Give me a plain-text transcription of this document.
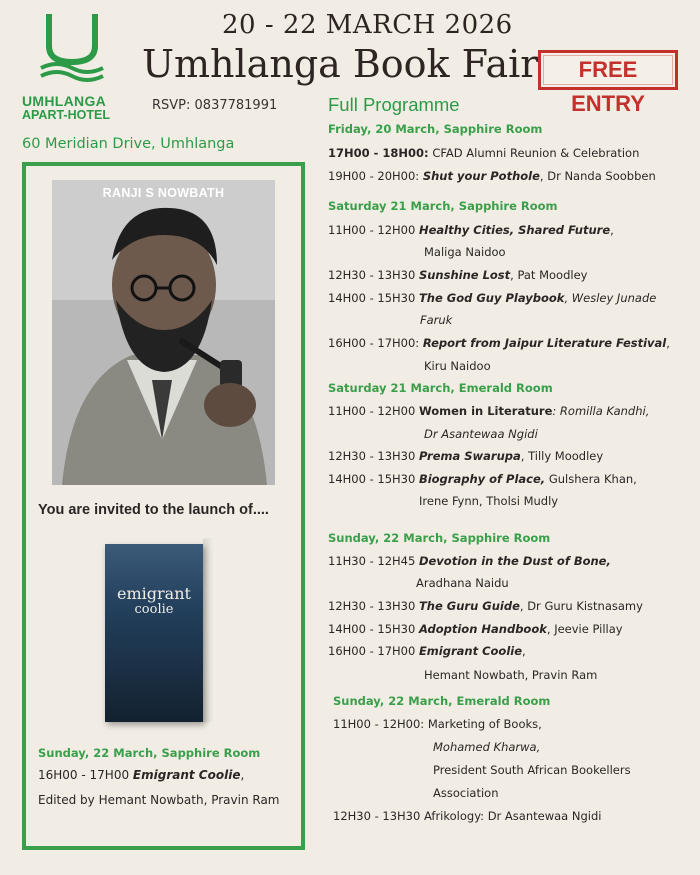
UMHLANGA
APART-HOTEL
20 - 22 MARCH 2026
Umhlanga Book Fair	FREE ENTRY
RSVP: 0837781991
60 Meridian Drive, Umhlanga
RANJI S NOWBATH
You are invited to the launch of....
emigrant
coolie
Sunday, 22 March, Sapphire Room
16H00 - 17H00 Emigrant Coolie,
Edited by Hemant Nowbath, Pravin Ram
Full Programme
Friday, 20 March, Sapphire Room
17H00 - 18H00: CFAD Alumni Reunion & Celebration
19H00 - 20H00: Shut your Pothole, Dr Nanda Soobben
Saturday 21 March, Sapphire Room
11H00 - 12H00 Healthy Cities, Shared Future,
Maliga Naidoo
12H30 - 13H30 Sunshine Lost, Pat Moodley
14H00 - 15H30 The God Guy Playbook, Wesley Junade
Faruk
16H00 - 17H00: Report from Jaipur Literature Festival,
Kiru Naidoo
Saturday 21 March, Emerald Room
11H00 - 12H00 Women in Literature: Romilla Kandhi,
Dr Asantewaa Ngidi
12H30 - 13H30 Prema Swarupa, Tilly Moodley
14H00 - 15H30 Biography of Place, Gulshera Khan,
Irene Fynn, Tholsi Mudly
Sunday, 22 March, Sapphire Room
11H30 - 12H45 Devotion in the Dust of Bone,
Aradhana Naidu
12H30 - 13H30 The Guru Guide, Dr Guru Kistnasamy
14H00 - 15H30 Adoption Handbook, Jeevie Pillay
16H00 - 17H00 Emigrant Coolie,
Hemant Nowbath, Pravin Ram
Sunday, 22 March, Emerald Room
11H00 - 12H00: Marketing of Books,
Mohamed Kharwa,
President South African Bookellers
Association
12H30 - 13H30 Afrikology: Dr Asantewaa Ngidi
